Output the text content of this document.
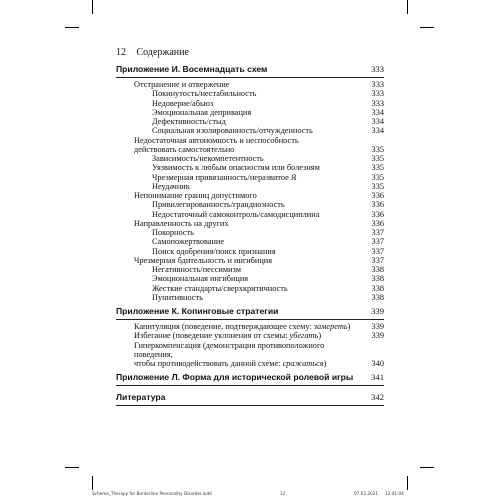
12 Содержание
Приложение И. Восемнадцать схем	333
Отстранение и отвержение	333
Покинутость/нестабильность	333
Недоверие/абьюз	333
Эмоциональная депривация	334
Дефективность/стыд	334
Социальная изолированность/отчужденность	334
Недостаточная автономность и неспособность
действовать самостоятельно	335
Зависимость/некомпетентность	335
Уязвимость к любым опасностям или болезням	335
Чрезмерная привязанность/неразвитое Я	335
Неудачник	335
Непонимание границ допустимого	336
Привилегированность/грандиозность	336
Недостаточный самоконтроль/самодисциплина	336
Направленность на других	336
Покорность	337
Самопожертвование	337
Поиск одобрения/поиск признания	337
Чрезмерная бдительность и ингибиция	337
Негативность/пессимизм	338
Эмоциональная ингибиция	338
Жесткие стандарты/сверхкритичность	338
Пунитивность	338
Приложение К. Копинговые стратегии	339
Капитуляция (поведение, подтверждающее схему: замереть)	339
Избегание (поведение уклонения от схемы: убегать)	339
Гиперкомпенсация (демонстрация противоположного поведения,
чтобы противодействовать данной схеме: сражаться)	340
Приложение Л. Форма для исторической ролевой игры	341
Литература	342
Schema_Therapy for Borderline Personality Disorder.indd	12	07.02.2021 12:41:04
